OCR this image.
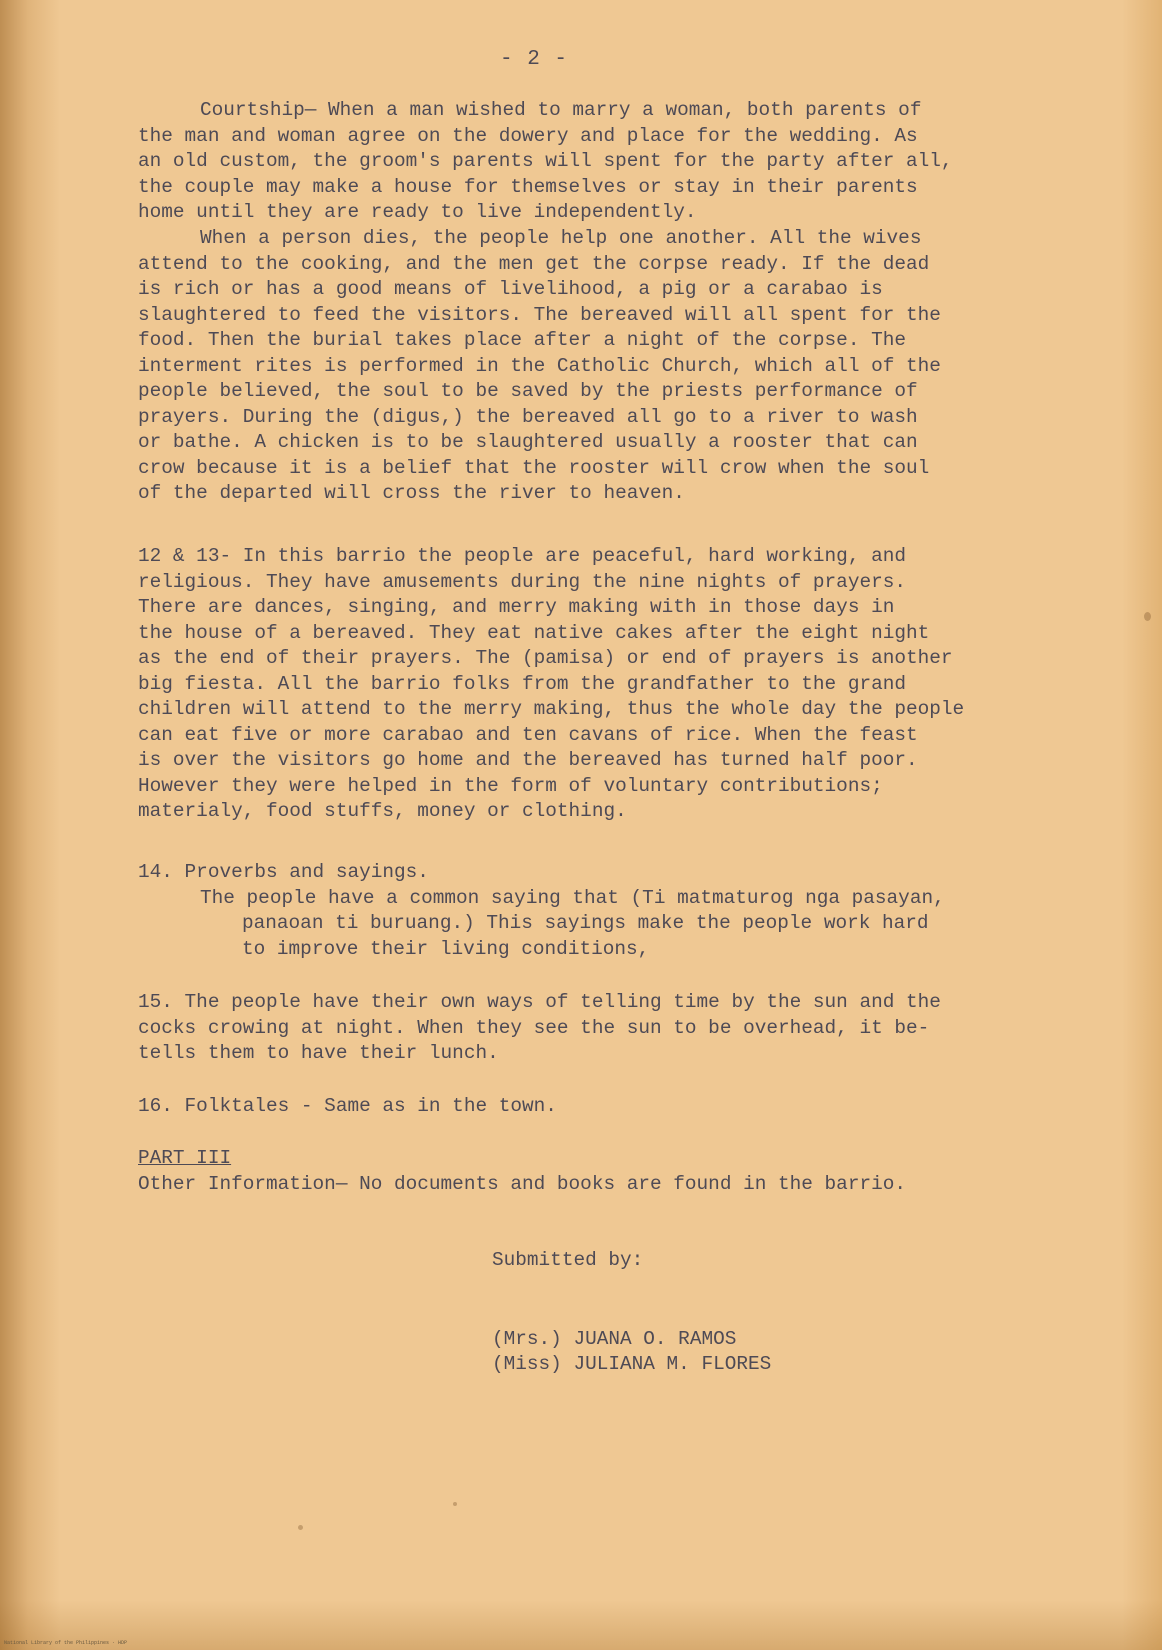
- 2 -
Courtship— When a man wished to marry a woman, both parents of
the man and woman agree on the dowery and place for the wedding. As
an old custom, the groom's parents will spent for the party after all,
the couple may make a house for themselves or stay in their parents
home until they are ready to live independently.
When a person dies, the people help one another. All the wives
attend to the cooking, and the men get the corpse ready. If the dead
is rich or has a good means of livelihood, a pig or a carabao is
slaughtered to feed the visitors. The bereaved will all spent for the
food. Then the burial takes place after a night of the corpse. The
interment rites is performed in the Catholic Church, which all of the
people believed, the soul to be saved by the priests performance of
prayers. During the (digus,) the bereaved all go to a river to wash
or bathe. A chicken is to be slaughtered usually a rooster that can
crow because it is a belief that the rooster will crow when the soul
of the departed will cross the river to heaven.
12 & 13- In this barrio the people are peaceful, hard working, and
religious. They have amusements during the nine nights of prayers.
There are dances, singing, and merry making with in those days in
the house of a bereaved. They eat native cakes after the eight night
as the end of their prayers. The (pamisa) or end of prayers is another
big fiesta. All the barrio folks from the grandfather to the grand
children will attend to the merry making, thus the whole day the people
can eat five or more carabao and ten cavans of rice. When the feast
is over the visitors go home and the bereaved has turned half poor.
However they were helped in the form of voluntary contributions;
materialy, food stuffs, money or clothing.
14. Proverbs and sayings.
The people have a common saying that (Ti matmaturog nga pasayan,
panaoan ti buruang.) This sayings make the people work hard
to improve their living conditions,
15. The people have their own ways of telling time by the sun and the
cocks crowing at night. When they see the sun to be overhead, it be-
tells them to have their lunch.
16. Folktales - Same as in the town.
PART III
Other Information— No documents and books are found in the barrio.
Submitted by:
(Mrs.) JUANA O. RAMOS
(Miss) JULIANA M. FLORES
National Library of the Philippines · HDP
